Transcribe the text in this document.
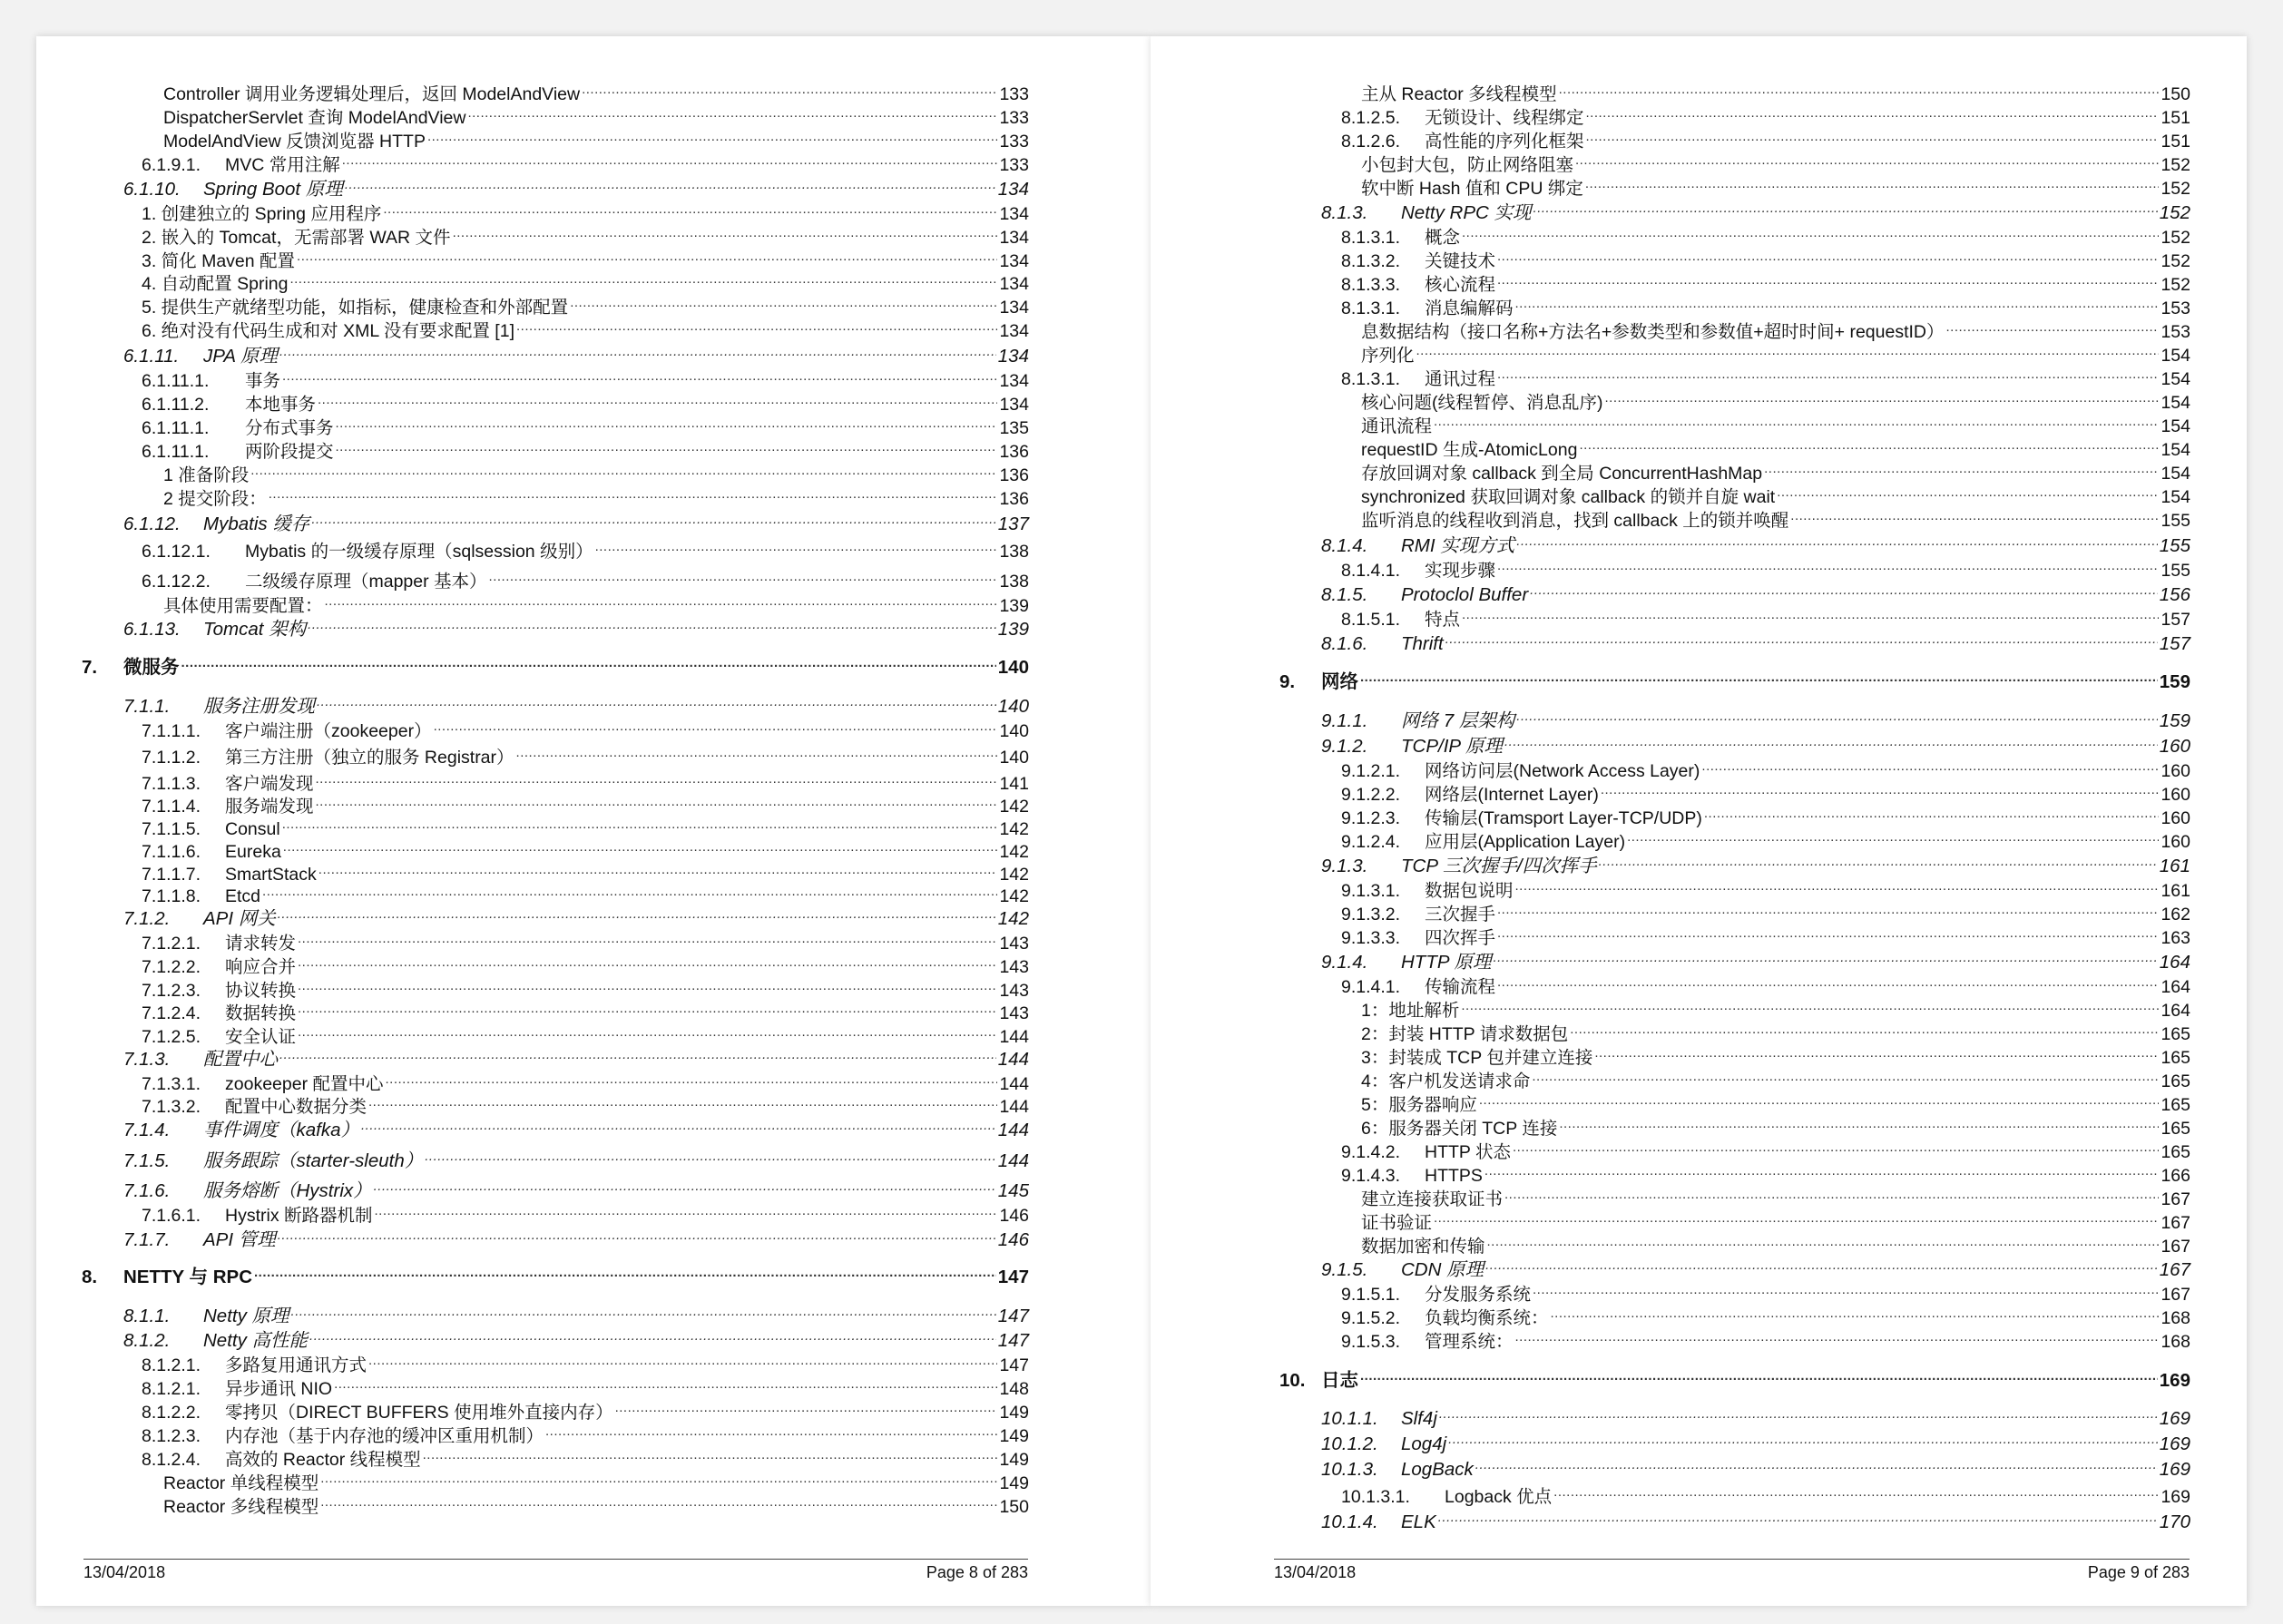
Controller 调用业务逻辑处理后，返回 ModelAndView .....	133
DispatcherServlet 查询 ModelAndView .....	133
ModelAndView 反馈浏览器 HTTP .....	133
6.1.9.1.	MVC 常用注解 .....	133
6.1.10.	Spring Boot 原理 .....	134
1. 创建独立的 Spring 应用程序 .....	134
2. 嵌入的 Tomcat，无需部署 WAR 文件 .....	134
3. 简化 Maven 配置 .....	134
4. 自动配置 Spring .....	134
5. 提供生产就绪型功能，如指标，健康检查和外部配置 .....	134
6. 绝对没有代码生成和对 XML 没有要求配置 [1] .....	134
6.1.11.	JPA 原理 .....	134
6.1.11.1.	事务 .....	134
6.1.11.2.	本地事务 .....	134
6.1.11.1.	分布式事务 .....	135
6.1.11.1.	两阶段提交 .....	136
1 准备阶段 .....	136
2 提交阶段： .....	136
6.1.12.	Mybatis 缓存 .....	137
6.1.12.1.	Mybatis 的一级缓存原理（sqlsession 级别） .....	138
6.1.12.2.	二级缓存原理（mapper 基本） .....	138
具体使用需要配置： .....	139
6.1.13.	Tomcat 架构 .....	139
7.	微服务 .....	140
7.1.1.	服务注册发现 .....	140
7.1.1.1.	客户端注册（zookeeper） .....	140
7.1.1.2.	第三方注册（独立的服务 Registrar） .....	140
7.1.1.3.	客户端发现 .....	141
7.1.1.4.	服务端发现 .....	142
7.1.1.5.	Consul .....	142
7.1.1.6.	Eureka .....	142
7.1.1.7.	SmartStack .....	142
7.1.1.8.	Etcd .....	142
7.1.2.	API 网关 .....	142
7.1.2.1.	请求转发 .....	143
7.1.2.2.	响应合并 .....	143
7.1.2.3.	协议转换 .....	143
7.1.2.4.	数据转换 .....	143
7.1.2.5.	安全认证 .....	144
7.1.3.	配置中心 .....	144
7.1.3.1.	zookeeper 配置中心 .....	144
7.1.3.2.	配置中心数据分类 .....	144
7.1.4.	事件调度（kafka） .....	144
7.1.5.	服务跟踪（starter-sleuth） .....	144
7.1.6.	服务熔断（Hystrix） .....	145
7.1.6.1.	Hystrix 断路器机制 .....	146
7.1.7.	API 管理 .....	146
8.	NETTY 与 RPC .....	147
8.1.1.	Netty 原理 .....	147
8.1.2.	Netty 高性能 .....	147
8.1.2.1.	多路复用通讯方式 .....	147
8.1.2.1.	异步通讯 NIO .....	148
8.1.2.2.	零拷贝（DIRECT BUFFERS 使用堆外直接内存） .....	149
8.1.2.3.	内存池（基于内存池的缓冲区重用机制） .....	149
8.1.2.4.	高效的 Reactor 线程模型 .....	149
Reactor 单线程模型 .....	149
Reactor 多线程模型 .....	150
13/04/2018	Page 8 of 283
主从 Reactor 多线程模型 .....	150
8.1.2.5.	无锁设计、线程绑定 .....	151
8.1.2.6.	高性能的序列化框架 .....	151
小包封大包，防止网络阻塞 .....	152
软中断 Hash 值和 CPU 绑定 .....	152
8.1.3.	Netty RPC 实现 .....	152
8.1.3.1.	概念 .....	152
8.1.3.2.	关键技术 .....	152
8.1.3.3.	核心流程 .....	152
8.1.3.1.	消息编解码 .....	153
息数据结构（接口名称+方法名+参数类型和参数值+超时时间+ requestID） .....	153
序列化 .....	154
8.1.3.1.	通讯过程 .....	154
核心问题(线程暂停、消息乱序) .....	154
通讯流程 .....	154
requestID 生成-AtomicLong .....	154
存放回调对象 callback 到全局 ConcurrentHashMap .....	154
synchronized 获取回调对象 callback 的锁并自旋 wait .....	154
监听消息的线程收到消息，找到 callback 上的锁并唤醒 .....	155
8.1.4.	RMI 实现方式 .....	155
8.1.4.1.	实现步骤 .....	155
8.1.5.	Protoclol Buffer .....	156
8.1.5.1.	特点 .....	157
8.1.6.	Thrift .....	157
9.	网络 .....	159
9.1.1.	网络 7 层架构 .....	159
9.1.2.	TCP/IP 原理 .....	160
9.1.2.1.	网络访问层(Network Access Layer) .....	160
9.1.2.2.	网络层(Internet Layer) .....	160
9.1.2.3.	传输层(Tramsport Layer-TCP/UDP) .....	160
9.1.2.4.	应用层(Application Layer) .....	160
9.1.3.	TCP 三次握手/四次挥手 .....	161
9.1.3.1.	数据包说明 .....	161
9.1.3.2.	三次握手 .....	162
9.1.3.3.	四次挥手 .....	163
9.1.4.	HTTP 原理 .....	164
9.1.4.1.	传输流程 .....	164
1：地址解析 .....	164
2：封装 HTTP 请求数据包 .....	165
3：封装成 TCP 包并建立连接 .....	165
4：客户机发送请求命 .....	165
5：服务器响应 .....	165
6：服务器关闭 TCP 连接 .....	165
9.1.4.2.	HTTP 状态 .....	165
9.1.4.3.	HTTPS .....	166
建立连接获取证书 .....	167
证书验证 .....	167
数据加密和传输 .....	167
9.1.5.	CDN 原理 .....	167
9.1.5.1.	分发服务系统 .....	167
9.1.5.2.	负载均衡系统： .....	168
9.1.5.3.	管理系统： .....	168
10. 日志 .....	169
10.1.1.	Slf4j .....	169
10.1.2.	Log4j .....	169
10.1.3.	LogBack .....	169
10.1.3.1.	Logback 优点 .....	169
10.1.4.	ELK .....	170
13/04/2018	Page 9 of 283
